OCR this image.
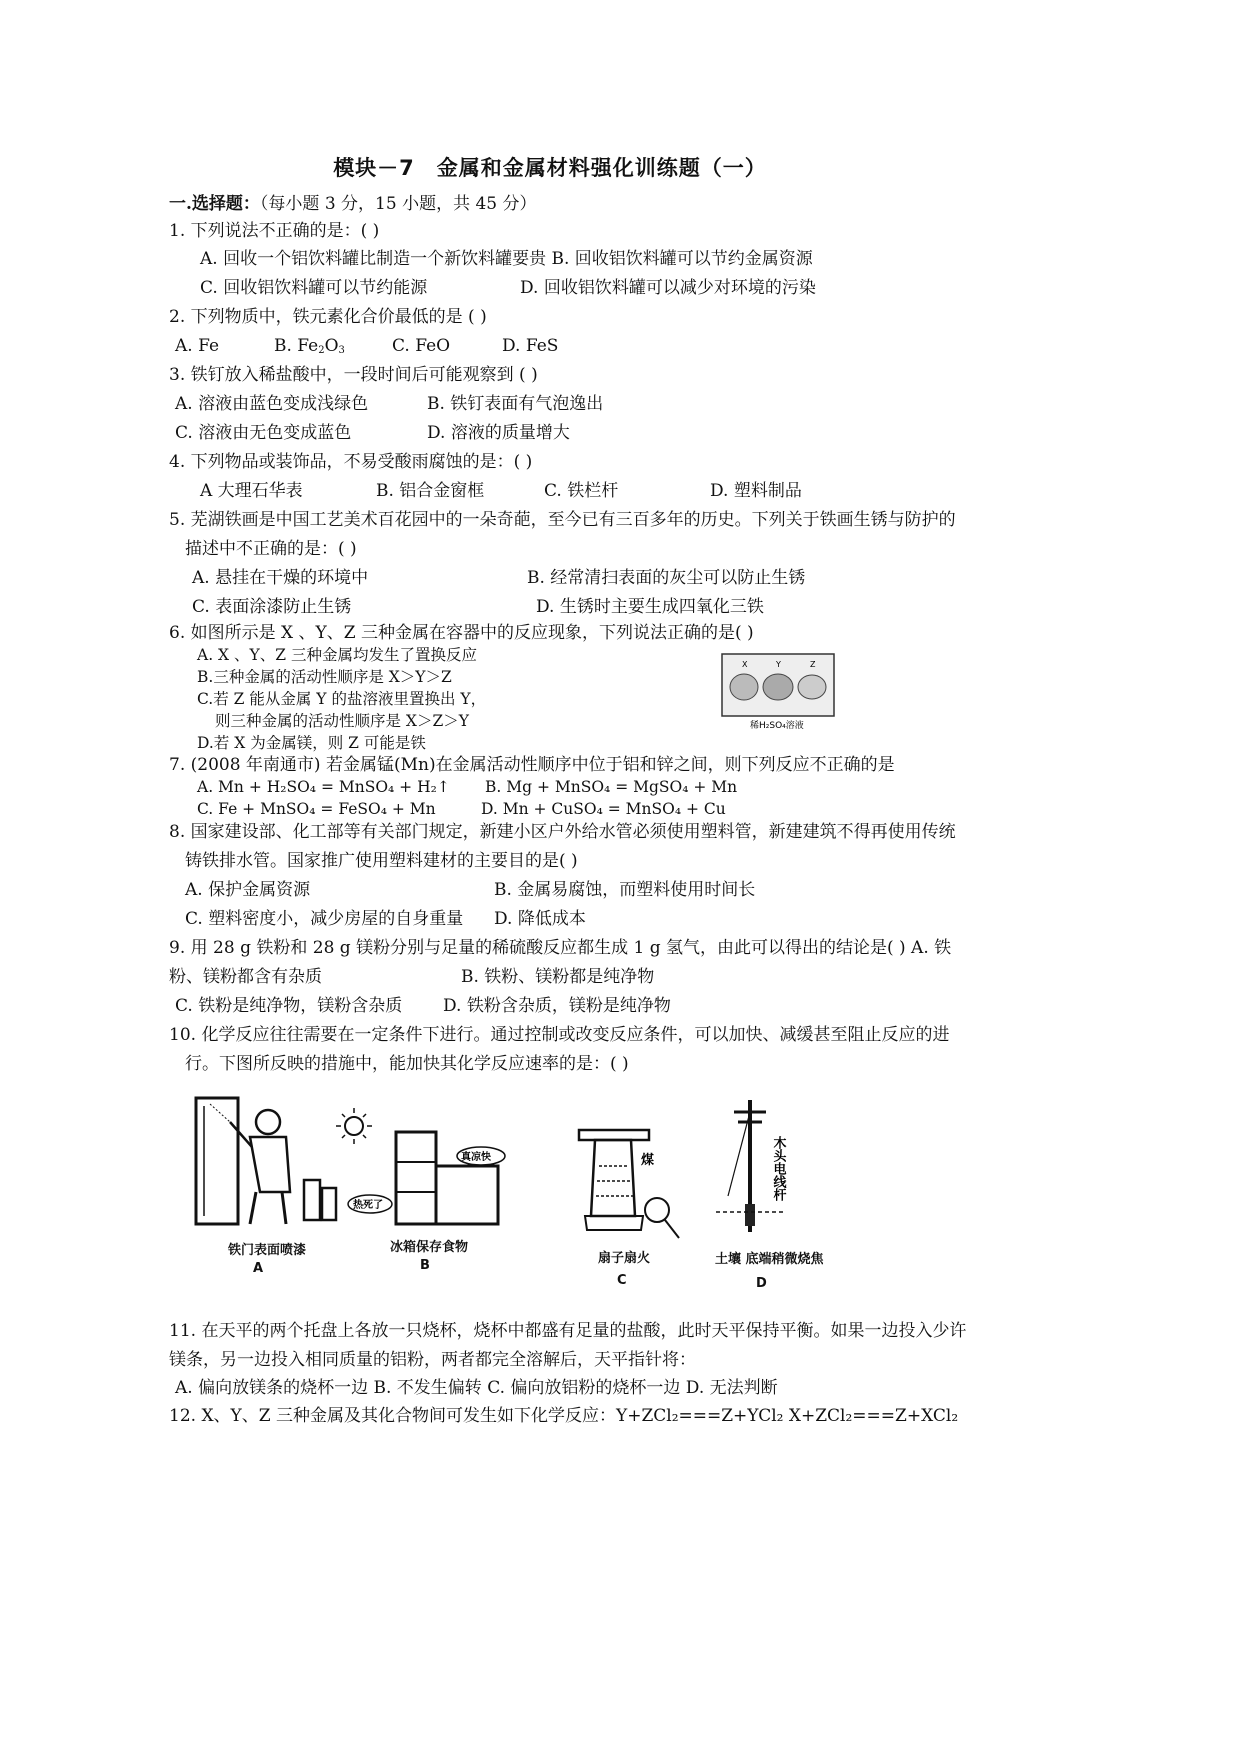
模块－7　金属和金属材料强化训练题（一）
一.选择题：（每小题 3 分，15 小题，共 45 分）
1. 下列说法不正确的是：( )
A. 回收一个铝饮料罐比制造一个新饮料罐要贵 B. 回收铝饮料罐可以节约金属资源
C. 回收铝饮料罐可以节约能源	D. 回收铝饮料罐可以减少对环境的污染
2. 下列物质中，铁元素化合价最低的是 ( )
A. Fe	B. $Fe_2O_3$	C. FeO	D. FeS
3. 铁钉放入稀盐酸中，一段时间后可能观察到 ( )
A. 溶液由蓝色变成浅绿色	B. 铁钉表面有气泡逸出
C. 溶液由无色变成蓝色	D. 溶液的质量增大
4. 下列物品或装饰品，不易受酸雨腐蚀的是：( )
A 大理石华表	B. 铝合金窗框	C. 铁栏杆	D. 塑料制品
5. 芜湖铁画是中国工艺美术百花园中的一朵奇葩，至今已有三百多年的历史。下列关于铁画生锈与防护的
描述中不正确的是：( )
A. 悬挂在干燥的环境中	B. 经常清扫表面的灰尘可以防止生锈
C. 表面涂漆防止生锈	D. 生锈时主要生成四氧化三铁
6. 如图所示是 X 、Y、Z 三种金属在容器中的反应现象，下列说法正确的是( )
A. X 、Y、Z 三种金属均发生了置换反应
B.三种金属的活动性顺序是 X＞Y＞Z
C.若 Z 能从金属 Y 的盐溶液里置换出 Y，
则三种金属的活动性顺序是 X＞Z＞Y
D.若 X 为金属镁，则 Z 可能是铁
X	Y	Z
稀H₂SO₄溶液
7. (2008 年南通市) 若金属锰(Mn)在金属活动性顺序中位于铝和锌之间，则下列反应不正确的是
A. Mn + H₂SO₄ = MnSO₄ + H₂↑ B. Mg + MnSO₄ = MgSO₄ + Mn
C. Fe + MnSO₄ = FeSO₄ + Mn	D. Mn + CuSO₄ = MnSO₄ + Cu
8. 国家建设部、化工部等有关部门规定，新建小区户外给水管必须使用塑料管，新建建筑不得再使用传统
铸铁排水管。国家推广使用塑料建材的主要目的是( )
A. 保护金属资源	B. 金属易腐蚀，而塑料使用时间长
C. 塑料密度小，减少房屋的自身重量 D. 降低成本
9. 用 28 g 铁粉和 28 g 镁粉分别与足量的稀硫酸反应都生成 1 g 氢气，由此可以得出的结论是( ) A. 铁
粉、镁粉都含有杂质	B. 铁粉、镁粉都是纯净物
C. 铁粉是纯净物，镁粉含杂质 D. 铁粉含杂质，镁粉是纯净物
10. 化学反应往往需要在一定条件下进行。通过控制或改变反应条件，可以加快、减缓甚至阻止反应的进
行。下图所反映的措施中，能加快其化学反应速率的是：( )
铁门表面喷漆
A
真凉快
热死了
冰箱保存食物
B
煤
扇子扇火
C
木头电线杆
土壤 底端稍微烧焦
D
11. 在天平的两个托盘上各放一只烧杯，烧杯中都盛有足量的盐酸，此时天平保持平衡。如果一边投入少许
镁条，另一边投入相同质量的铝粉，两者都完全溶解后，天平指针将：
A. 偏向放镁条的烧杯一边 B. 不发生偏转 C. 偏向放铝粉的烧杯一边 D. 无法判断
12. X、Y、Z 三种金属及其化合物间可发生如下化学反应：Y+ZCl₂===Z+YCl₂ X+ZCl₂===Z+XCl₂
